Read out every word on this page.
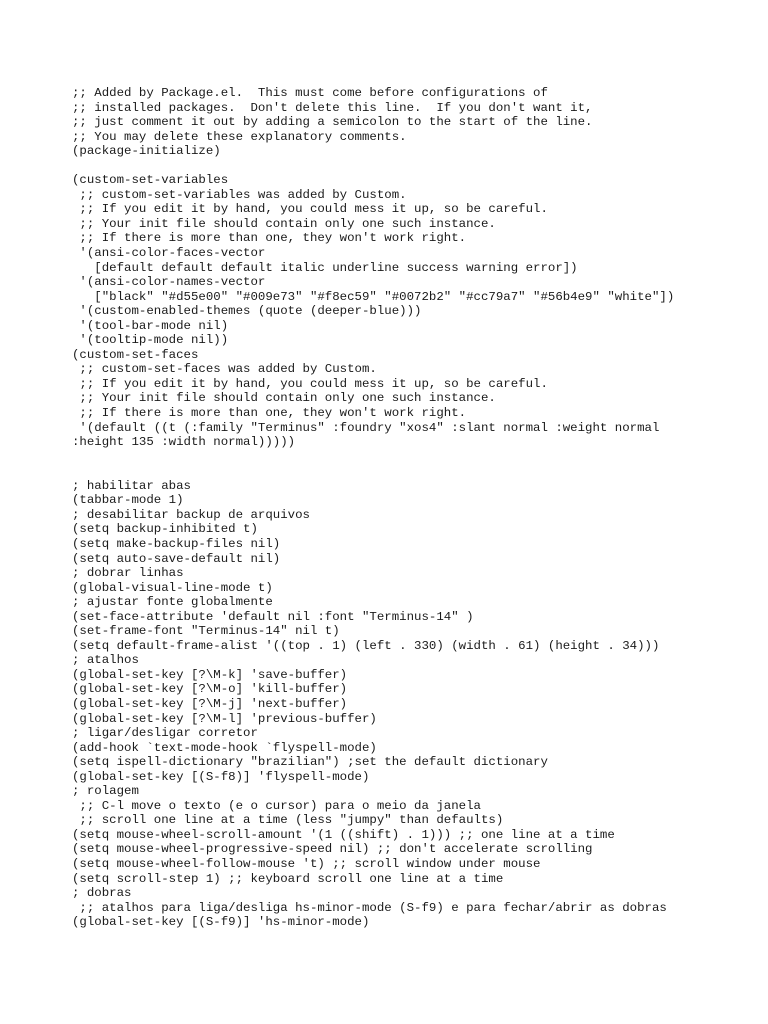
;; Added by Package.el.  This must come before configurations of
;; installed packages.  Don't delete this line.  If you don't want it,
;; just comment it out by adding a semicolon to the start of the line.
;; You may delete these explanatory comments.
(package-initialize)
(custom-set-variables
;; custom-set-variables was added by Custom.
;; If you edit it by hand, you could mess it up, so be careful.
;; Your init file should contain only one such instance.
;; If there is more than one, they won't work right.
'(ansi-color-faces-vector
[default default default italic underline success warning error])
'(ansi-color-names-vector
["black" "#d55e00" "#009e73" "#f8ec59" "#0072b2" "#cc79a7" "#56b4e9" "white"])
'(custom-enabled-themes (quote (deeper-blue)))
'(tool-bar-mode nil)
'(tooltip-mode nil))
(custom-set-faces
;; custom-set-faces was added by Custom.
;; If you edit it by hand, you could mess it up, so be careful.
;; Your init file should contain only one such instance.
;; If there is more than one, they won't work right.
'(default ((t (:family "Terminus" :foundry "xos4" :slant normal :weight normal
:height 135 :width normal)))))
; habilitar abas
(tabbar-mode 1)
; desabilitar backup de arquivos
(setq backup-inhibited t)
(setq make-backup-files nil)
(setq auto-save-default nil)
; dobrar linhas
(global-visual-line-mode t)
; ajustar fonte globalmente
(set-face-attribute 'default nil :font "Terminus-14" )
(set-frame-font "Terminus-14" nil t)
(setq default-frame-alist '((top . 1) (left . 330) (width . 61) (height . 34)))
; atalhos
(global-set-key [?\M-k] 'save-buffer)
(global-set-key [?\M-o] 'kill-buffer)
(global-set-key [?\M-j] 'next-buffer)
(global-set-key [?\M-l] 'previous-buffer)
; ligar/desligar corretor
(add-hook `text-mode-hook `flyspell-mode)
(setq ispell-dictionary "brazilian") ;set the default dictionary
(global-set-key [(S-f8)] 'flyspell-mode)
; rolagem
;; C-l move o texto (e o cursor) para o meio da janela
;; scroll one line at a time (less "jumpy" than defaults)
(setq mouse-wheel-scroll-amount '(1 ((shift) . 1))) ;; one line at a time
(setq mouse-wheel-progressive-speed nil) ;; don't accelerate scrolling
(setq mouse-wheel-follow-mouse 't) ;; scroll window under mouse
(setq scroll-step 1) ;; keyboard scroll one line at a time
; dobras
;; atalhos para liga/desliga hs-minor-mode (S-f9) e para fechar/abrir as dobras
(global-set-key [(S-f9)] 'hs-minor-mode)
